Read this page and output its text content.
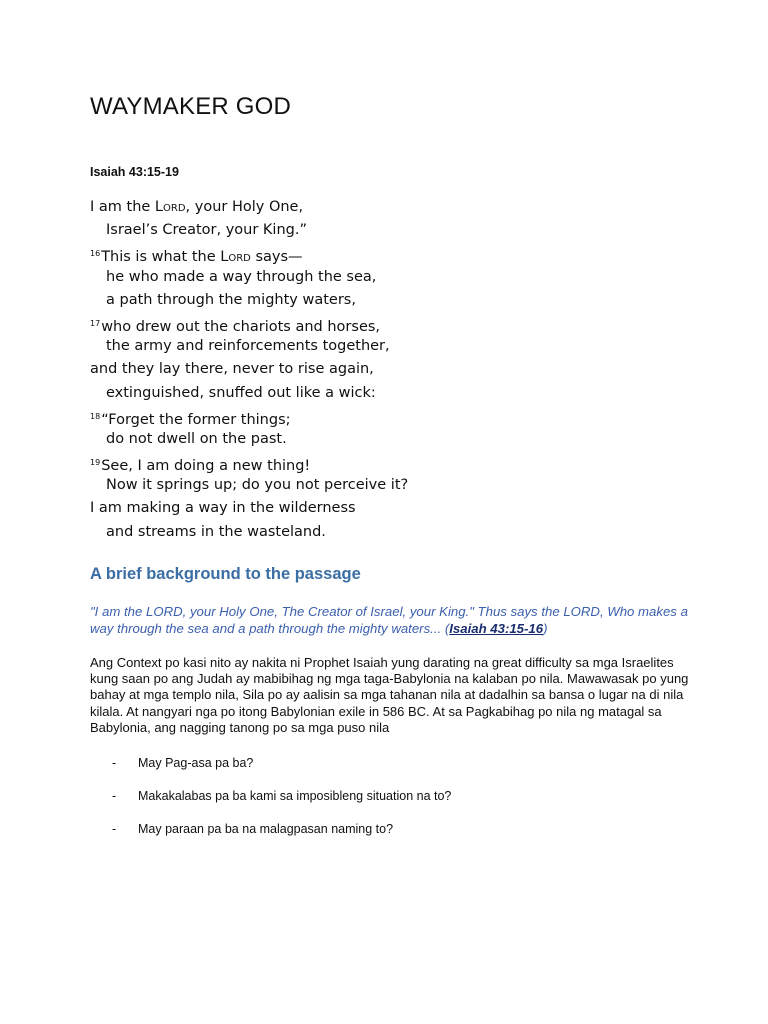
WAYMAKER GOD

Isaiah 43:15-19

I am the Lord, your Holy One,
Israel’s Creator, your King.”
$^{16}$This is what the Lord says—
he who made a way through the sea,
a path through the mighty waters,
$^{17}$who drew out the chariots and horses,
the army and reinforcements together,
and they lay there, never to rise again,
extinguished, snuffed out like a wick:
$^{18}$“Forget the former things;
do not dwell on the past.
$^{19}$See, I am doing a new thing!
Now it springs up; do you not perceive it?
I am making a way in the wilderness
and streams in the wasteland.
A brief background to the passage

"I am the LORD, your Holy One, The Creator of Israel, your King." Thus says the LORD, Who makes a way through the sea and a path through the mighty waters... (Isaiah 43:15-16)

Ang Context po kasi nito ay nakita ni Prophet Isaiah yung darating na great difficulty sa mga Israelites kung saan po ang Judah ay mabibihag ng mga taga-Babylonia na kalaban po nila. Mawawasak po yung bahay at mga templo nila, Sila po ay aalisin sa mga tahanan nila at dadalhin sa bansa o lugar na di nila kilala. At nangyari nga po itong Babylonian exile in 586 BC. At sa Pagkabihag po nila ng matagal sa Babylonia, ang nagging tanong po sa mga puso nila

- May Pag-asa pa ba?
- Makakalabas pa ba kami sa imposibleng situation na to?
- May paraan pa ba na malagpasan naming to?
